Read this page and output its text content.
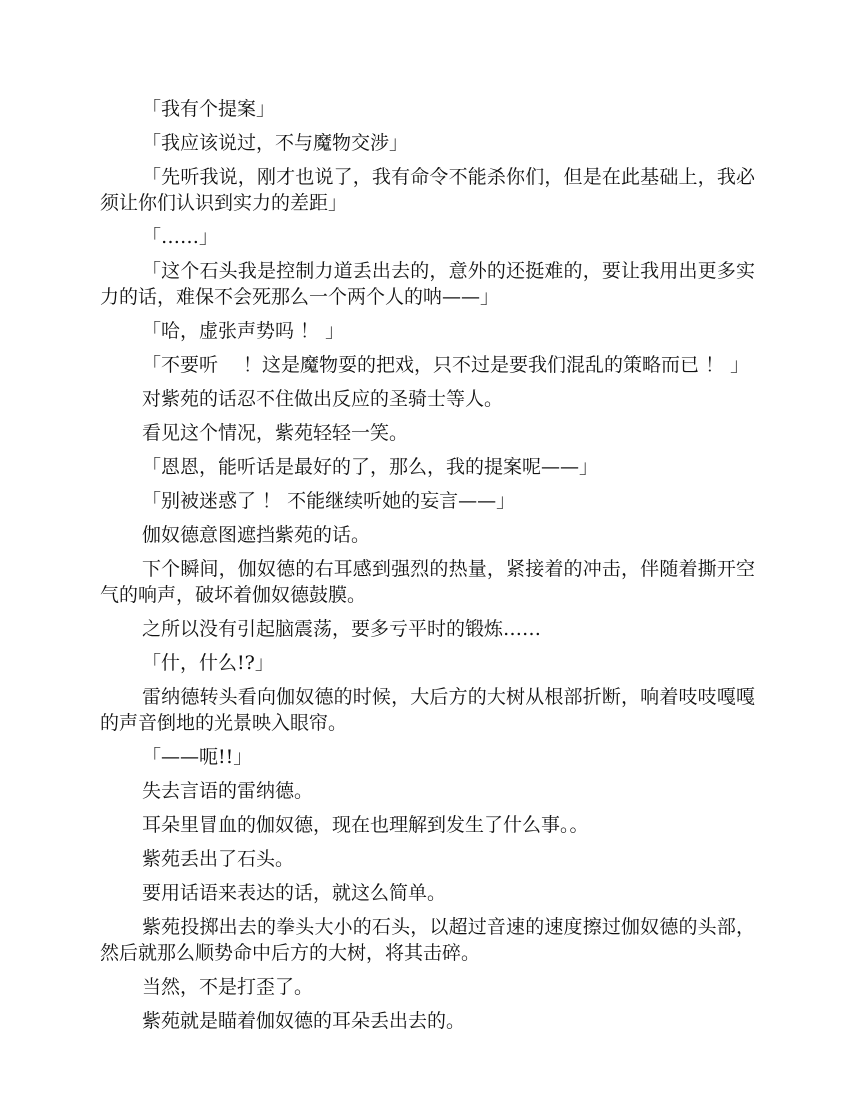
「我有个提案」

「我应该说过，不与魔物交涉」

「先听我说，刚才也说了，我有命令不能杀你们，但是在此基础上，我必须让你们认识到实力的差距」

「……」

「这个石头我是控制力道丢出去的，意外的还挺难的，要让我用出更多实力的话，难保不会死那么一个两个人的呐——」

「哈，虚张声势吗 ！ 」

「不要听　 ！这是魔物耍的把戏，只不过是要我们混乱的策略而已 ！ 」

对紫苑的话忍不住做出反应的圣骑士等人。

看见这个情况，紫苑轻轻一笑。

「恩恩，能听话是最好的了，那么，我的提案呢——」

「别被迷惑了 ！ 不能继续听她的妄言——」

伽奴德意图遮挡紫苑的话。

下个瞬间，伽奴德的右耳感到强烈的热量，紧接着的冲击，伴随着撕开空气的响声，破坏着伽奴德鼓膜。

之所以没有引起脑震荡，要多亏平时的锻炼……

「什，什么!?」

雷纳德转头看向伽奴德的时候，大后方的大树从根部折断，响着吱吱嘎嘎的声音倒地的光景映入眼帘。

「——呃!!」

失去言语的雷纳德。

耳朵里冒血的伽奴德，现在也理解到发生了什么事。。

紫苑丢出了石头。

要用话语来表达的话，就这么简单。

紫苑投掷出去的拳头大小的石头，以超过音速的速度擦过伽奴德的头部，然后就那么顺势命中后方的大树，将其击碎。

当然，不是打歪了。

紫苑就是瞄着伽奴德的耳朵丢出去的。
